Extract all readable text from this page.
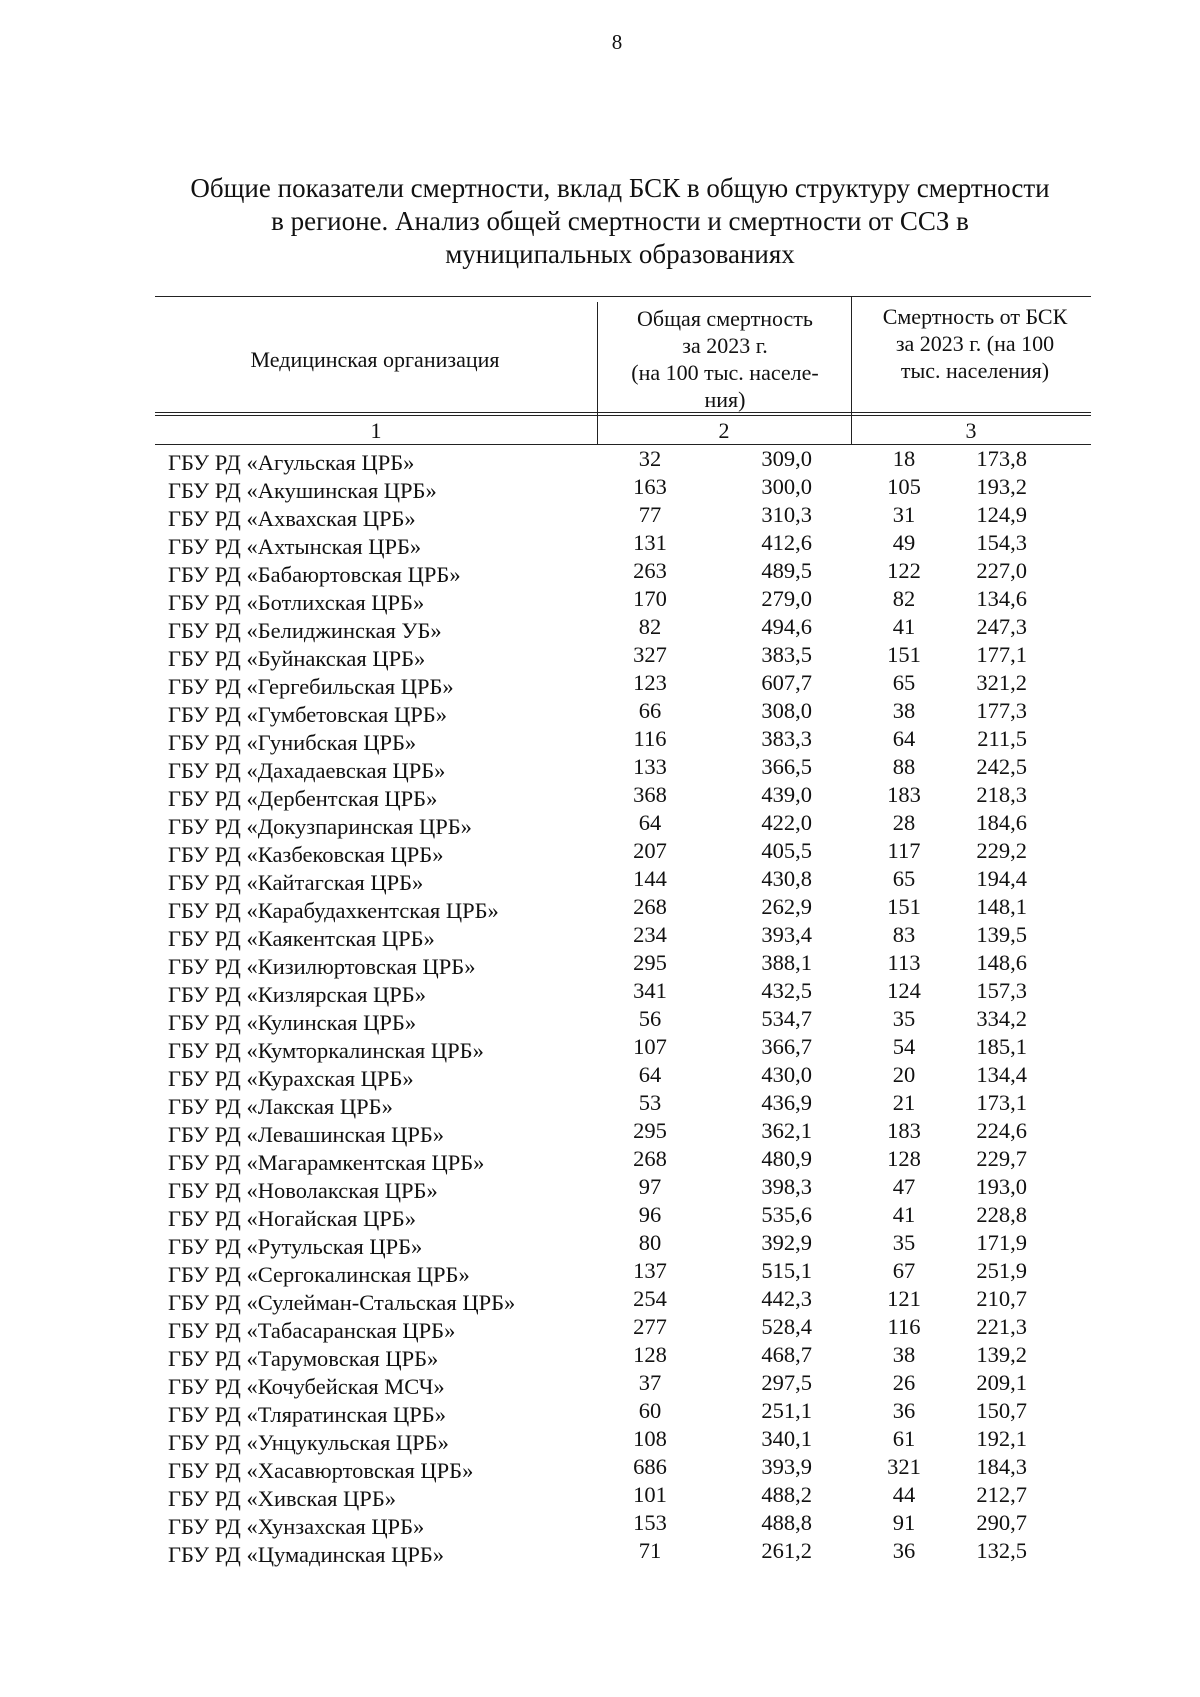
8
Общие показатели смертности, вклад БСК в общую структуру смертности
в регионе. Анализ общей смертности и смертности от ССЗ в
муниципальных образованиях
Медицинская организация
Общая смертность
за 2023 г.
(на 100 тыс. населе-
ния)
Смертность от БСК
за 2023 г. (на 100
тыс. населения)
1	2	3
ГБУ РД «Агульская ЦРБ»	32	309,0	18	173,8
ГБУ РД «Акушинская ЦРБ»	163	300,0	105	193,2
ГБУ РД «Ахвахская ЦРБ»	77	310,3	31	124,9
ГБУ РД «Ахтынская ЦРБ»	131	412,6	49	154,3
ГБУ РД «Бабаюртовская ЦРБ»	263	489,5	122	227,0
ГБУ РД «Ботлихская ЦРБ»	170	279,0	82	134,6
ГБУ РД «Белиджинская УБ»	82	494,6	41	247,3
ГБУ РД «Буйнакская ЦРБ»	327	383,5	151	177,1
ГБУ РД «Гергебильская ЦРБ»	123	607,7	65	321,2
ГБУ РД «Гумбетовская ЦРБ»	66	308,0	38	177,3
ГБУ РД «Гунибская ЦРБ»	116	383,3	64	211,5
ГБУ РД «Дахадаевская ЦРБ»	133	366,5	88	242,5
ГБУ РД «Дербентская ЦРБ»	368	439,0	183	218,3
ГБУ РД «Докузпаринская ЦРБ»	64	422,0	28	184,6
ГБУ РД «Казбековская ЦРБ»	207	405,5	117	229,2
ГБУ РД «Кайтагская ЦРБ»	144	430,8	65	194,4
ГБУ РД «Карабудахкентская ЦРБ»	268	262,9	151	148,1
ГБУ РД «Каякентская ЦРБ»	234	393,4	83	139,5
ГБУ РД «Кизилюртовская ЦРБ»	295	388,1	113	148,6
ГБУ РД «Кизлярская ЦРБ»	341	432,5	124	157,3
ГБУ РД «Кулинская ЦРБ»	56	534,7	35	334,2
ГБУ РД «Кумторкалинская ЦРБ»	107	366,7	54	185,1
ГБУ РД «Курахская ЦРБ»	64	430,0	20	134,4
ГБУ РД «Лакская ЦРБ»	53	436,9	21	173,1
ГБУ РД «Левашинская ЦРБ»	295	362,1	183	224,6
ГБУ РД «Магарамкентская ЦРБ»	268	480,9	128	229,7
ГБУ РД «Новолакская ЦРБ»	97	398,3	47	193,0
ГБУ РД «Ногайская ЦРБ»	96	535,6	41	228,8
ГБУ РД «Рутульская ЦРБ»	80	392,9	35	171,9
ГБУ РД «Сергокалинская ЦРБ»	137	515,1	67	251,9
ГБУ РД «Сулейман-Стальская ЦРБ»	254	442,3	121	210,7
ГБУ РД «Табасаранская ЦРБ»	277	528,4	116	221,3
ГБУ РД «Тарумовская ЦРБ»	128	468,7	38	139,2
ГБУ РД «Кочубейская МСЧ»	37	297,5	26	209,1
ГБУ РД «Тляратинская ЦРБ»	60	251,1	36	150,7
ГБУ РД «Унцукульская ЦРБ»	108	340,1	61	192,1
ГБУ РД «Хасавюртовская ЦРБ»	686	393,9	321	184,3
ГБУ РД «Хивская ЦРБ»	101	488,2	44	212,7
ГБУ РД «Хунзахская ЦРБ»	153	488,8	91	290,7
ГБУ РД «Цумадинская ЦРБ»	71	261,2	36	132,5
